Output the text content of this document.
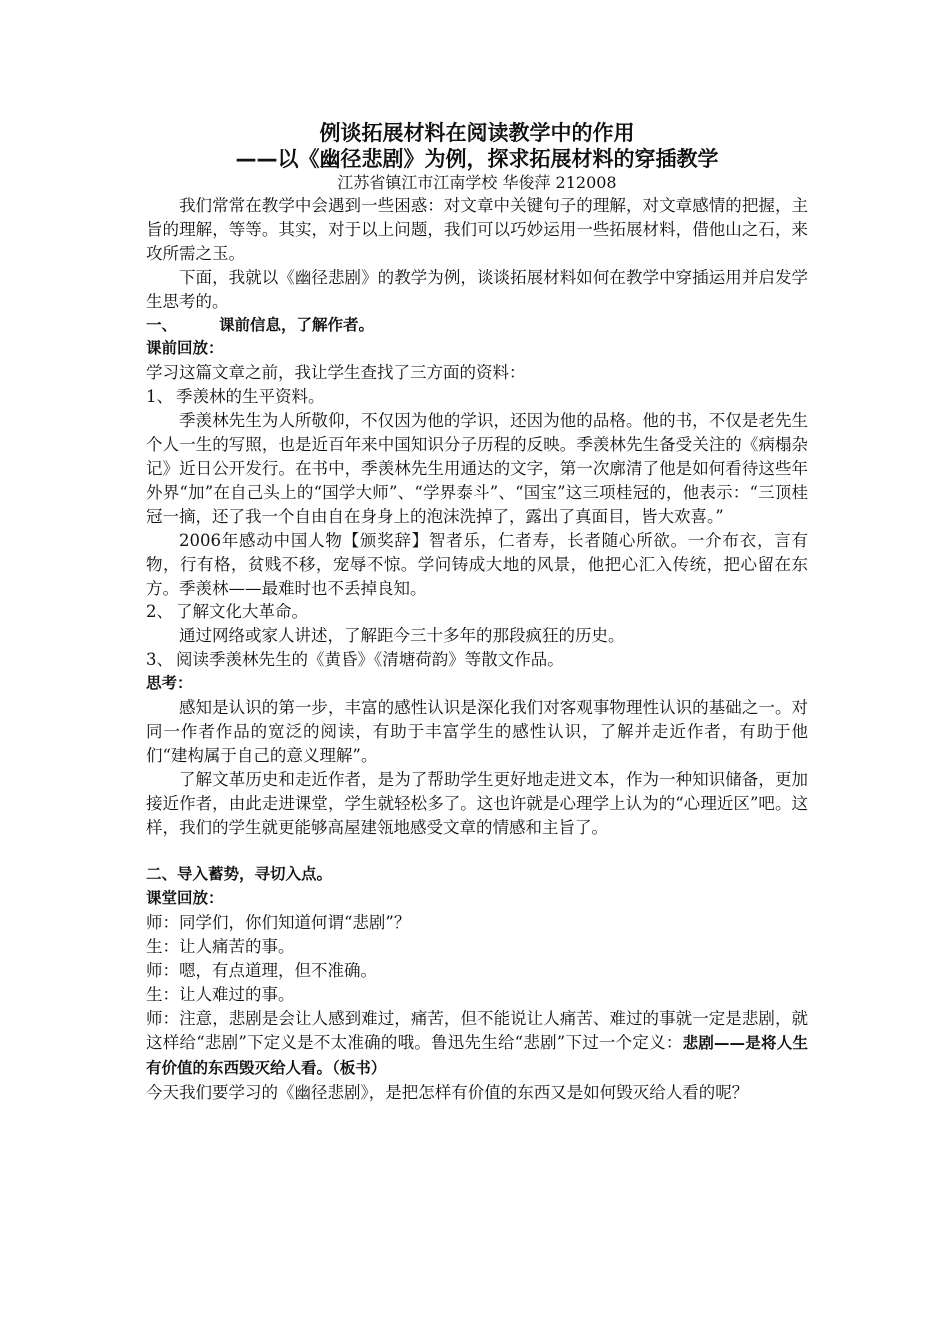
例谈拓展材料在阅读教学中的作用
——以《幽径悲剧》为例，探求拓展材料的穿插教学
江苏省镇江市江南学校 华俊萍 212008

我们常常在教学中会遇到一些困惑：对文章中关键句子的理解，对文章感情的把握，主旨的理解，等等。其实，对于以上问题，我们可以巧妙运用一些拓展材料，借他山之石，来攻所需之玉。

下面，我就以《幽径悲剧》的教学为例，谈谈拓展材料如何在教学中穿插运用并启发学生思考的。

一、	课前信息，了解作者。

课前回放：

学习这篇文章之前，我让学生查找了三方面的资料：

1、 季羡林的生平资料。

季羡林先生为人所敬仰，不仅因为他的学识，还因为他的品格。他的书，不仅是老先生个人一生的写照，也是近百年来中国知识分子历程的反映。季羡林先生备受关注的《病榻杂记》近日公开发行。在书中，季羡林先生用通达的文字，第一次廓清了他是如何看待这些年外界“加”在自己头上的“国学大师”、“学界泰斗”、“国宝”这三项桂冠的，他表示：“三顶桂冠一摘，还了我一个自由自在身身上的泡沫洗掉了，露出了真面目，皆大欢喜。”

2006年感动中国人物【颁奖辞】智者乐，仁者寿，长者随心所欲。一介布衣，言有物，行有格，贫贱不移，宠辱不惊。学问铸成大地的风景，他把心汇入传统，把心留在东方。季羡林——最难时也不丢掉良知。

2、 了解文化大革命。

通过网络或家人讲述，了解距今三十多年的那段疯狂的历史。

3、 阅读季羡林先生的《黄昏》《清塘荷韵》等散文作品。

思考：

感知是认识的第一步，丰富的感性认识是深化我们对客观事物理性认识的基础之一。对同一作者作品的宽泛的阅读，有助于丰富学生的感性认识，了解并走近作者，有助于他们“建构属于自己的意义理解”。

了解文革历史和走近作者，是为了帮助学生更好地走进文本，作为一种知识储备，更加接近作者，由此走进课堂，学生就轻松多了。这也许就是心理学上认为的“心理近区”吧。这样，我们的学生就更能够高屋建瓴地感受文章的情感和主旨了。

二、导入蓄势，寻切入点。

课堂回放：

师：同学们，你们知道何谓“悲剧”？

生：让人痛苦的事。

师：嗯，有点道理，但不准确。

生：让人难过的事。

师：注意，悲剧是会让人感到难过，痛苦，但不能说让人痛苦、难过的事就一定是悲剧，就这样给“悲剧”下定义是不太准确的哦。鲁迅先生给“悲剧”下过一个定义：悲剧——是将人生有价值的东西毁灭给人看。（板书）

今天我们要学习的《幽径悲剧》，是把怎样有价值的东西又是如何毁灭给人看的呢？
